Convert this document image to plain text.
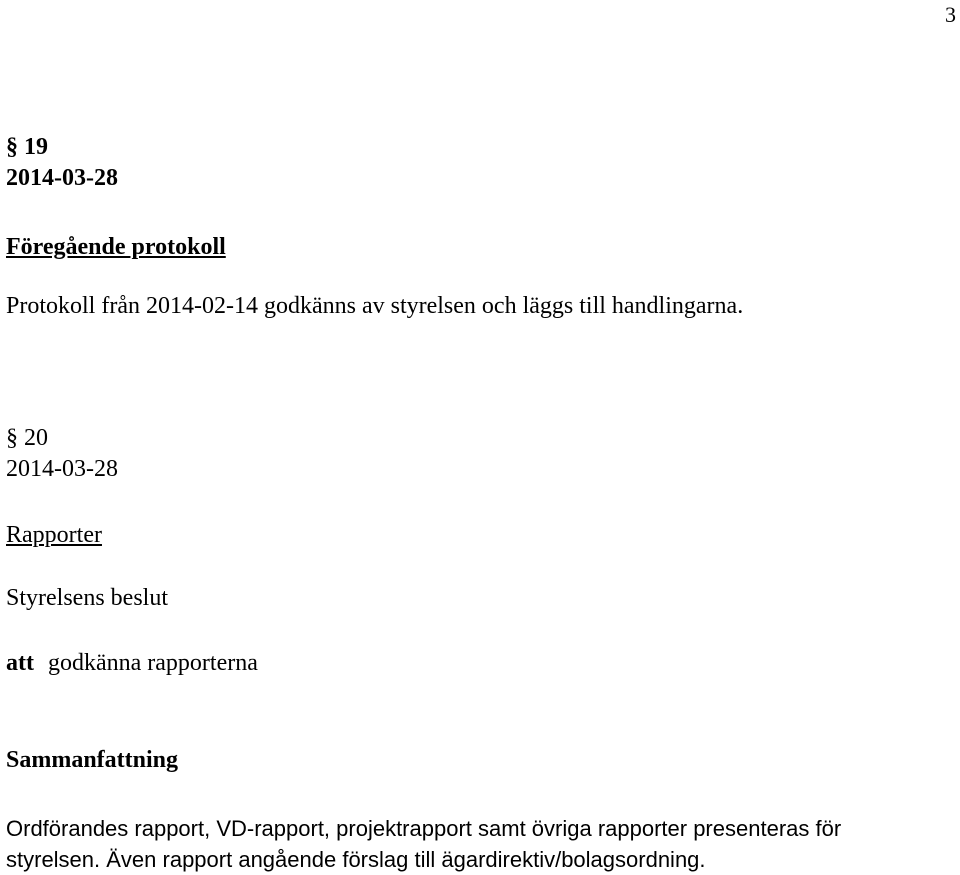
3
§ 19
2014-03-28
Föregående protokoll
Protokoll från 2014-02-14 godkänns av styrelsen och läggs till handlingarna.
§ 20
2014-03-28
Rapporter
Styrelsens beslut
att godkänna rapporterna
Sammanfattning
Ordförandes rapport, VD-rapport, projektrapport samt övriga rapporter presenteras för
styrelsen. Även rapport angående förslag till ägardirektiv/bolagsordning.
